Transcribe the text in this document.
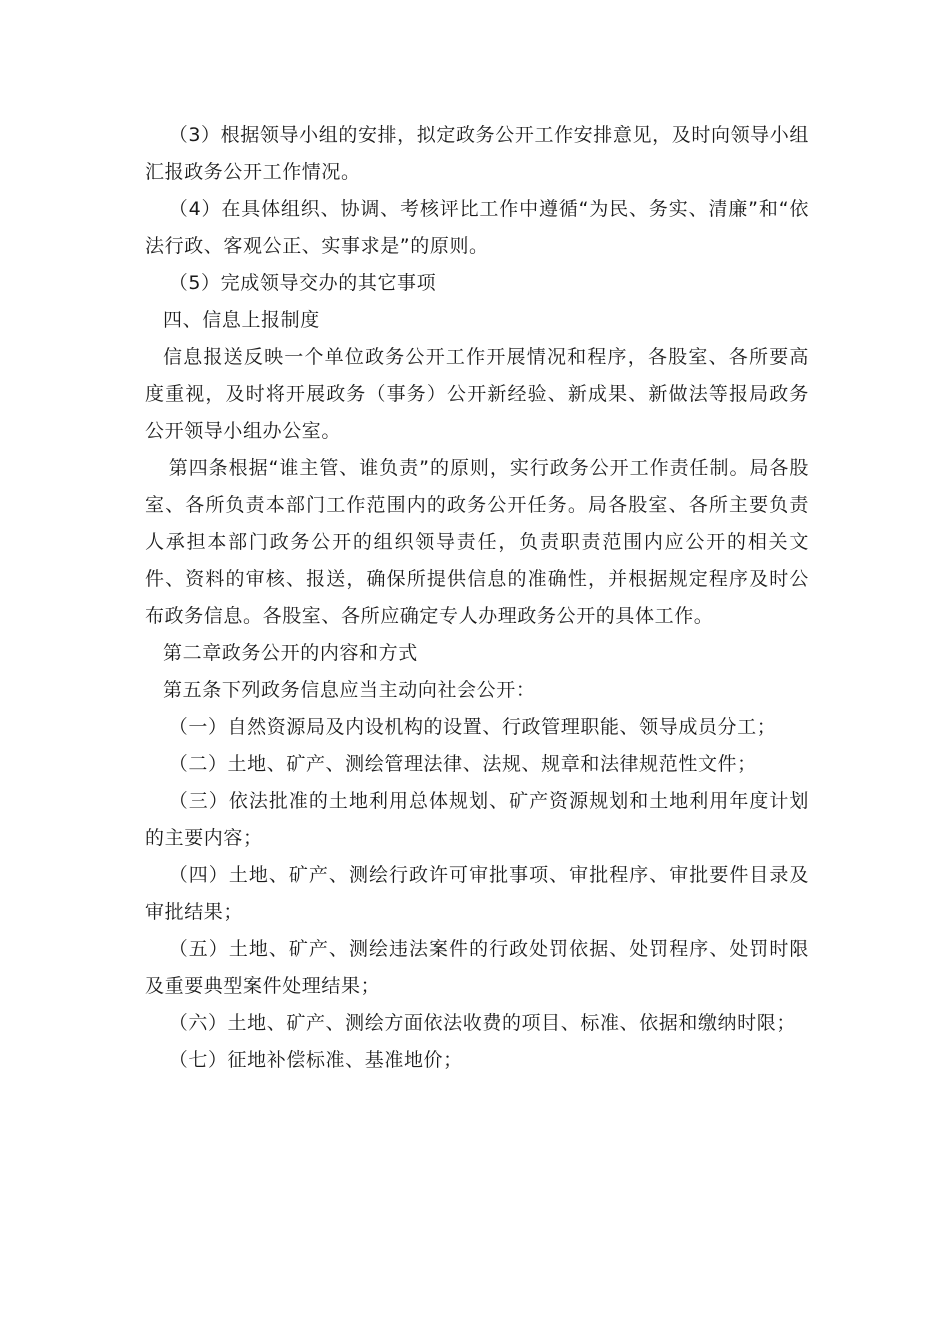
（3）根据领导小组的安排，拟定政务公开工作安排意见，及时向领导小组汇报政务公开工作情况。

（4）在具体组织、协调、考核评比工作中遵循“为民、务实、清廉”和“依法行政、客观公正、实事求是”的原则。

（5）完成领导交办的其它事项

四、信息上报制度

信息报送反映一个单位政务公开工作开展情况和程序，各股室、各所要高度重视，及时将开展政务（事务）公开新经验、新成果、新做法等报局政务公开领导小组办公室。

第四条根据“谁主管、谁负责”的原则，实行政务公开工作责任制。局各股室、各所负责本部门工作范围内的政务公开任务。局各股室、各所主要负责人承担本部门政务公开的组织领导责任，负责职责范围内应公开的相关文件、资料的审核、报送，确保所提供信息的准确性，并根据规定程序及时公布政务信息。各股室、各所应确定专人办理政务公开的具体工作。

第二章政务公开的内容和方式

第五条下列政务信息应当主动向社会公开：

（一）自然资源局及内设机构的设置、行政管理职能、领导成员分工；

（二）土地、矿产、测绘管理法律、法规、规章和法律规范性文件；

（三）依法批准的土地利用总体规划、矿产资源规划和土地利用年度计划的主要内容；

（四）土地、矿产、测绘行政许可审批事项、审批程序、审批要件目录及审批结果；

（五）土地、矿产、测绘违法案件的行政处罚依据、处罚程序、处罚时限及重要典型案件处理结果；

（六）土地、矿产、测绘方面依法收费的项目、标准、依据和缴纳时限；

（七）征地补偿标准、基准地价；
